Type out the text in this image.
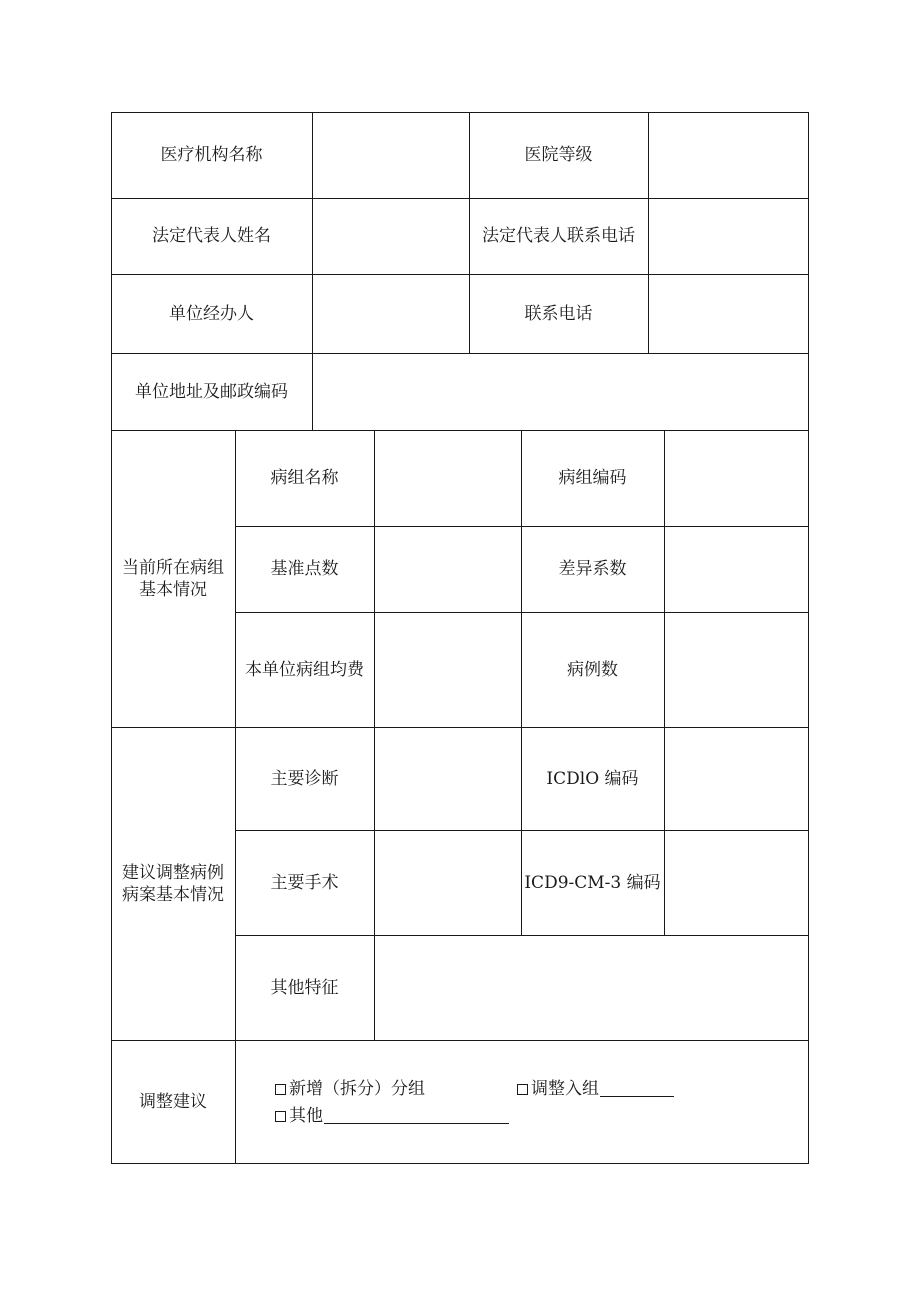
医疗机构名称	医院等级
法定代表人姓名	法定代表人联系电话
单位经办人	联系电话
单位地址及邮政编码
当前所在病组基本情况
病组名称	病组编码
基准点数	差异系数
本单位病组均费	病例数
建议调整病例病案基本情况
主要诊断	ICDlO 编码
主要手术	ICD9-CM-3 编码
其他特征
调整建议
新增（拆分）分组	调整入组
其他
